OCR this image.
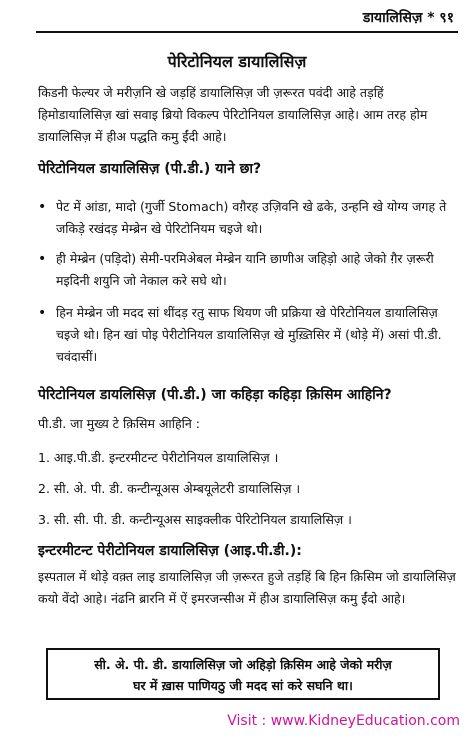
डायालिसिज़ * ९१
पेरिटोनियल डायालिसिज़
किडनी फेल्यर जे मरीज़नि खे जड़हिं डायालिसिज़ जी ज़रूरत पवंदी आहे तड़हिं हिमोडायालिसिज़ खां सवाइ ब्रियो विकल्प पेरिटोनियल डायालिसिज़ आहे। आम तरह होम डायालिसिज़ में हीअ पद्धति कमु ईंदी आहे।
पेरिटोनियल डायालिसिज़ (पी.डी.) याने छा?
• पेट में आंडा, मादो (गुर्जी Stomach) वग़ैरह उज़िवनि खे ढके, उन्हनि खे योग्य जगह ते जकिड़े रखंदड़ मेम्ब्रेन खे पेरिटोनियम चइजे थो।
• ही मेम्ब्रेन (पड़िदो) सेमी-परमिअेबल मेम्ब्रेन यानि छाणीअ जहिड़ो आहे जेको ग़ैर ज़रूरी मइदिनी शयुनि जो नेकाल करे सघे थो।
• हिन मेम्ब्रेन जी मदद सां थींदड़ रतु साफ थियण जी प्रक्रिया खे पेरिटोनियल डायालिसिज़ चइजे थो। हिन खां पोइ पेरीटोनियल डायालिसिज़ खे मुख़्तिसिर में (थोड़े में) असां पी.डी. चवंदासीं।
पेरिटोनियल डायलिसिज़ (पी.डी.) जा कहिड़ा कहिड़ा क़िसिम आहिनि?
पी.डी. जा मुख्य टे क़िसिम आहिनि :
1. आइ.पी.डी. इन्टरमीटन्ट पेरीटोनियल डायालिसिज़ ।
2. सी. अे. पी. डी. कन्टीन्यूअस अेम्बयूलेटरी डायालिसिज़ ।
3. सी. सी. पी. डी. कन्टीन्यूअस साइक्लीक पेरिटोनियल डायालिसिज़ ।
इन्टरमीटन्ट पेरीटोनियल डायालिसिज़ (आइ.पी.डी.):
इस्पताल में थोड़े वक़्त लाइ डायालिसिज़ जी ज़रूरत हुजे तड़हिं बि हिन क़िसिम जो डायालिसिज़ कयो वेंदो आहे। नंढनि ब्रारनि में ऐं इमरजन्सीअ में हीअ डायालिसिज़ कमु ईंदो आहे।
सी. अे. पी. डी. डायालिसिज़ जो अहिड़ो क़िसिम आहे जेको मरीज़
घर में ख़ास पाणियठु जी मदद सां करे सघनि था।
Visit : www.KidneyEducation.com
